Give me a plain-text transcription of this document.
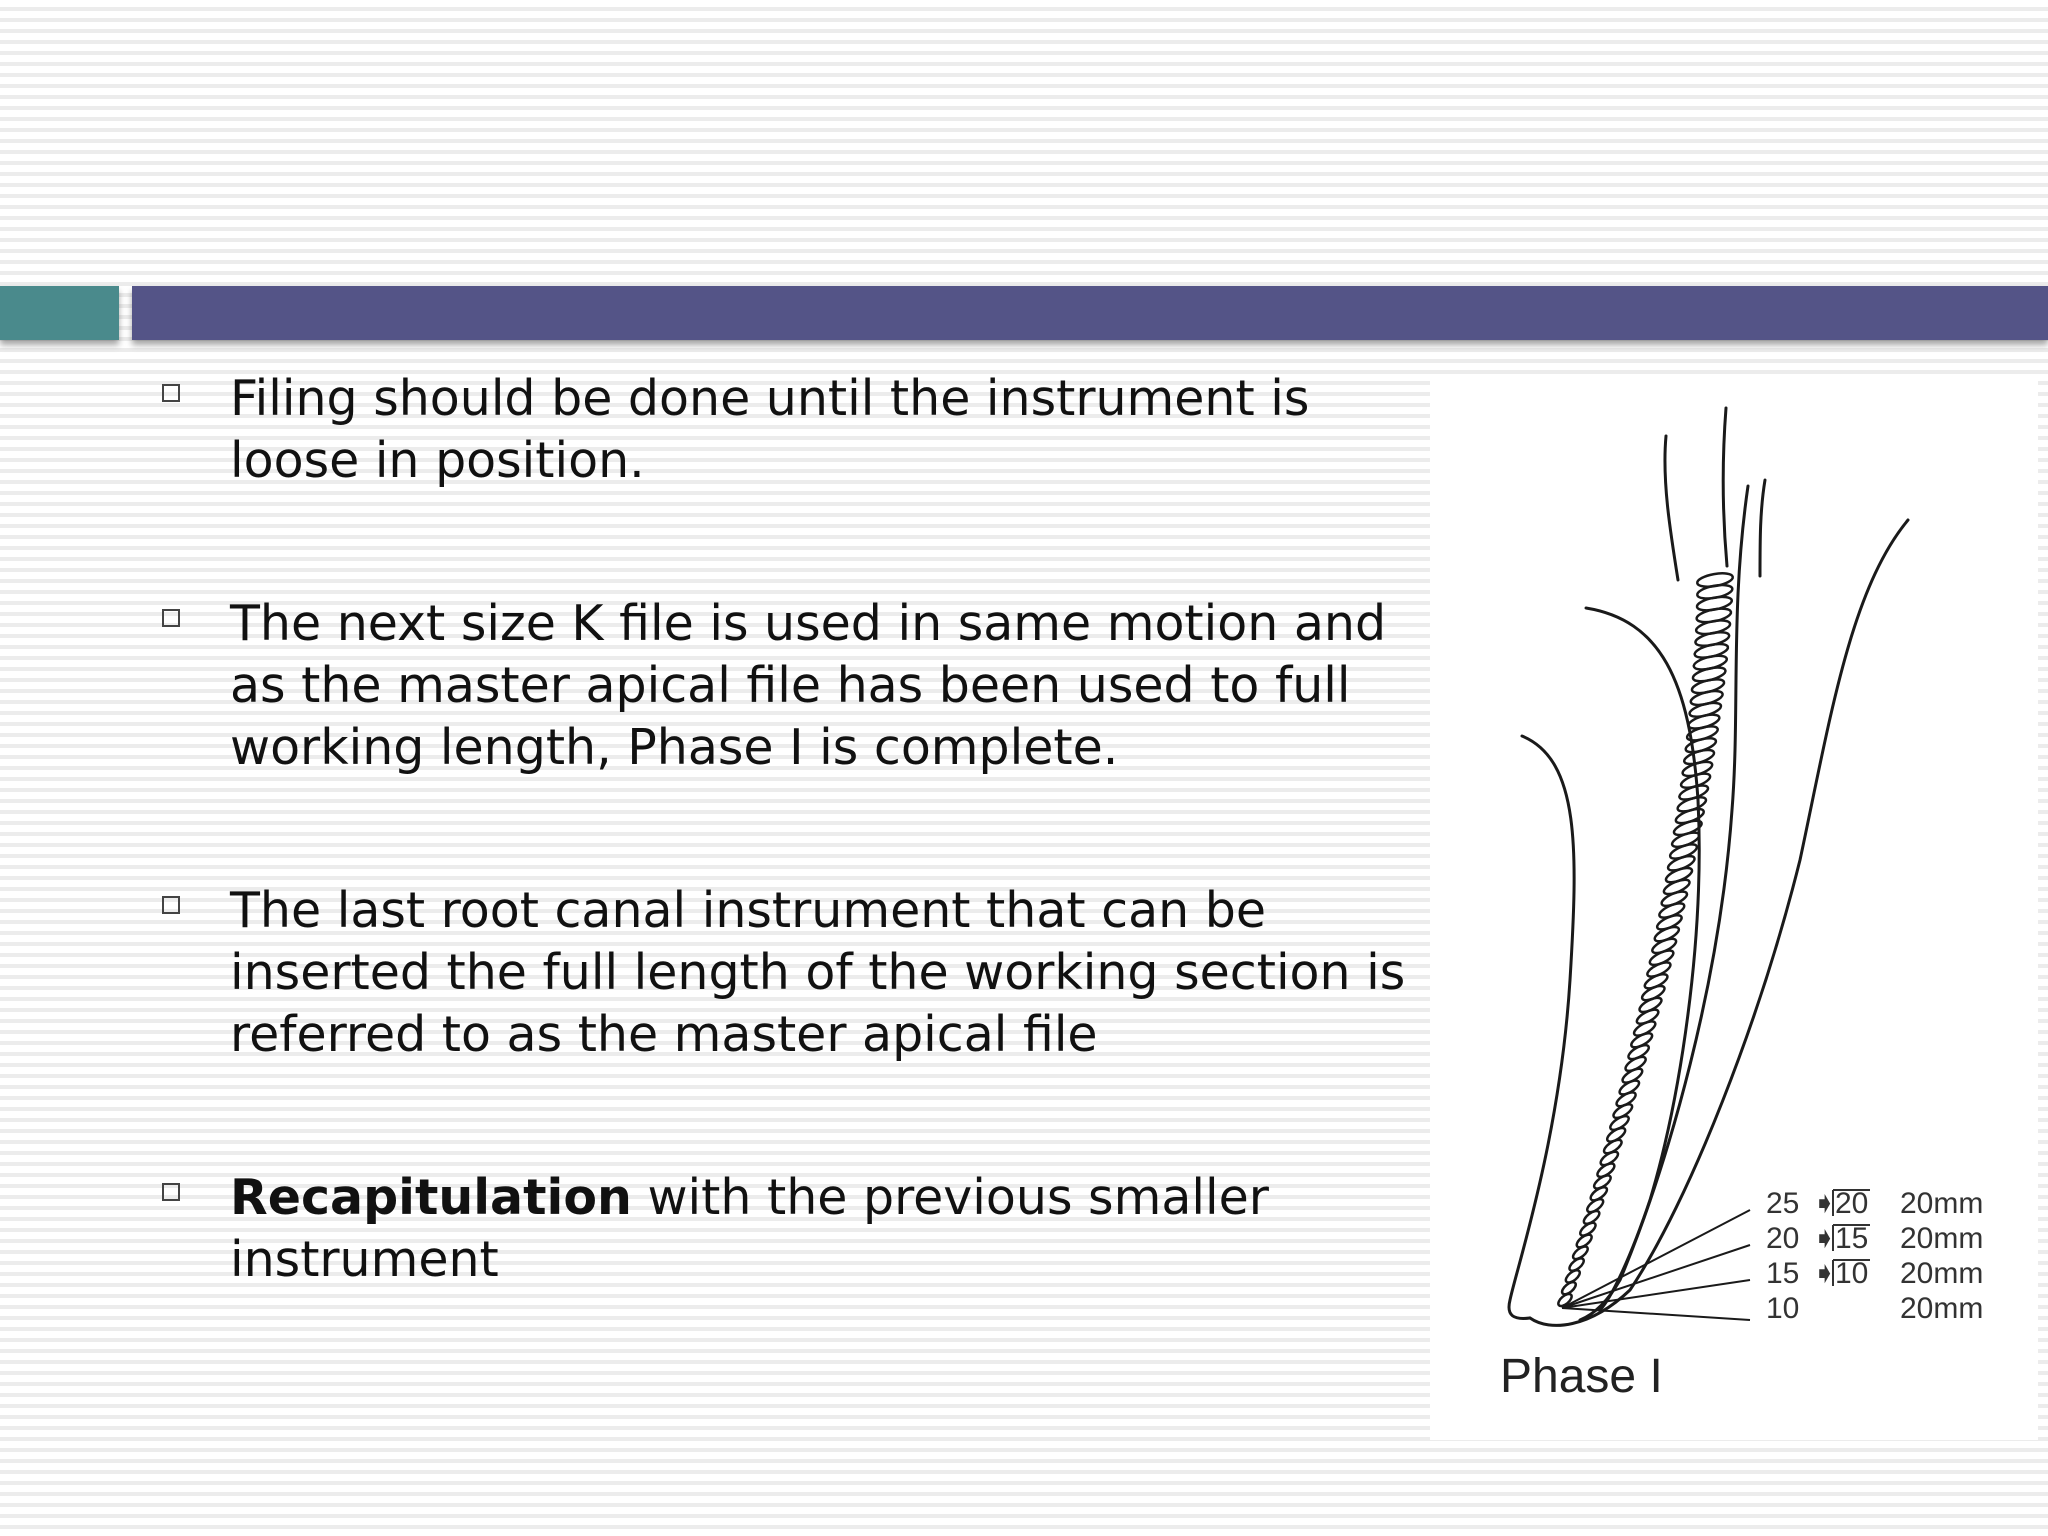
Filing should be done until the instrument is loose in position.
The next size K file is used in same motion and as the master apical file has been used to full working length, Phase I is complete.
The last root canal instrument that can be inserted the full length of the working section is referred to as the master apical file
Recapitulation with the previous smaller instrument
25 ➧
20 20mm
20 ➧
15 20mm
15 ➧
10 20mm
10	20mm
Phase I
